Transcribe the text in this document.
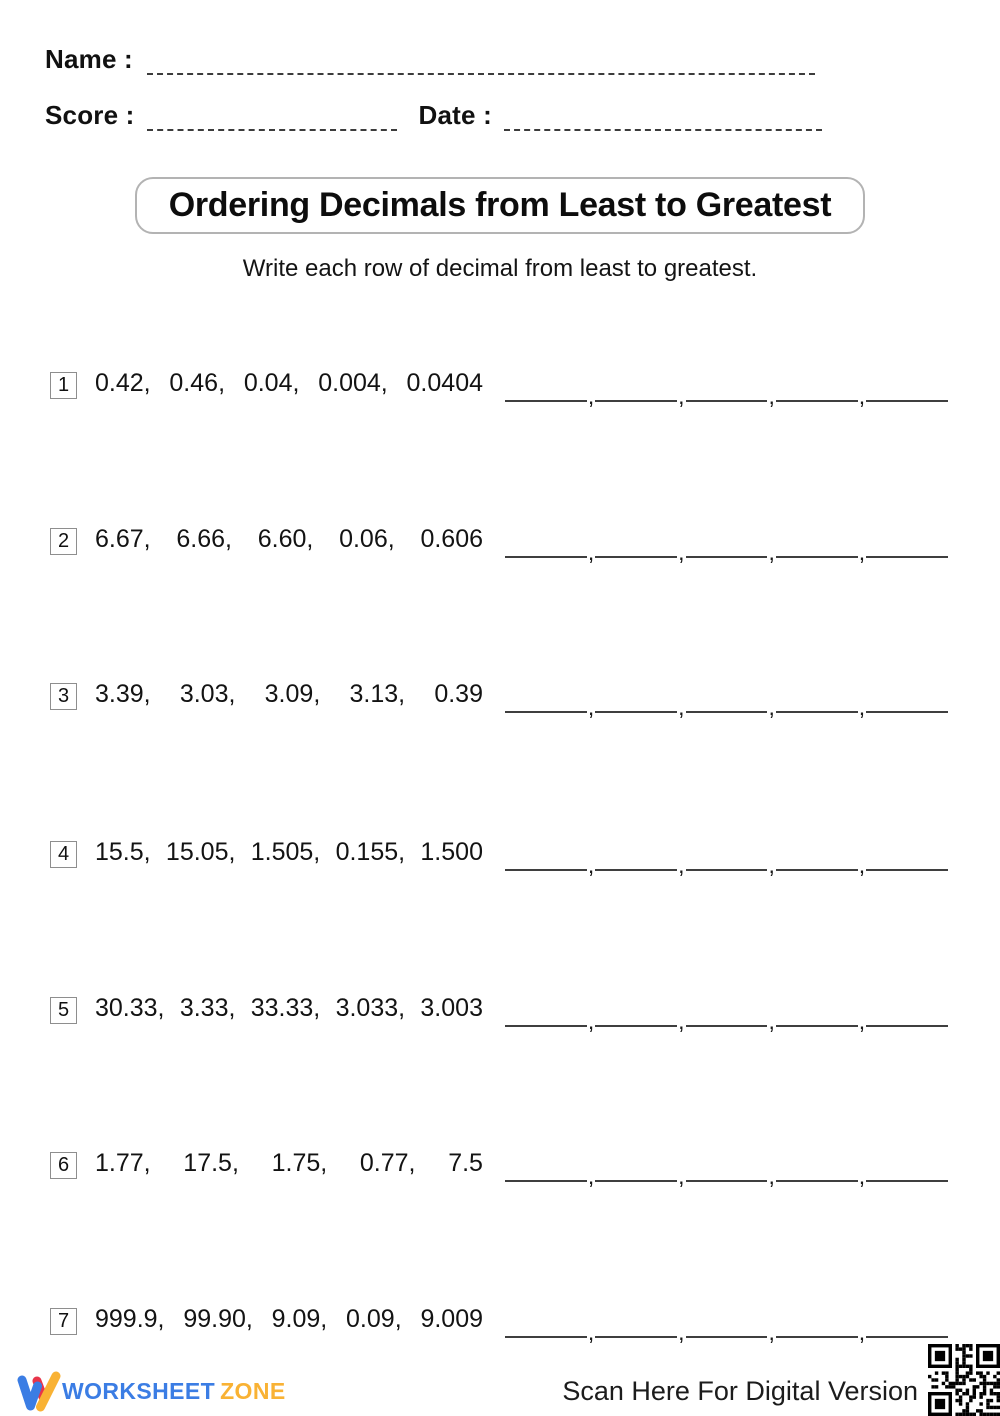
Name :
Score :	Date :
Ordering Decimals from Least to Greatest
Write each row of decimal from least to greatest.
1 0.42, 0.46, 0.04, 0.004, 0.0404	,	,	,	,
2 6.67, 6.66, 6.60, 0.06, 0.606	,	,	,	,
3 3.39, 3.03, 3.09, 3.13, 0.39	,	,	,	,
4 15.5, 15.05, 1.505, 0.155, 1.500	,	,	,	,
5 30.33, 3.33, 33.33, 3.033, 3.003	,	,	,	,
6 1.77, 17.5, 1.75, 0.77, 7.5	,	,	,	,
7 999.9, 99.90, 9.09, 0.09, 9.009	,	,	,	,
WORKSHEET ZONE	Scan Here For Digital Version
